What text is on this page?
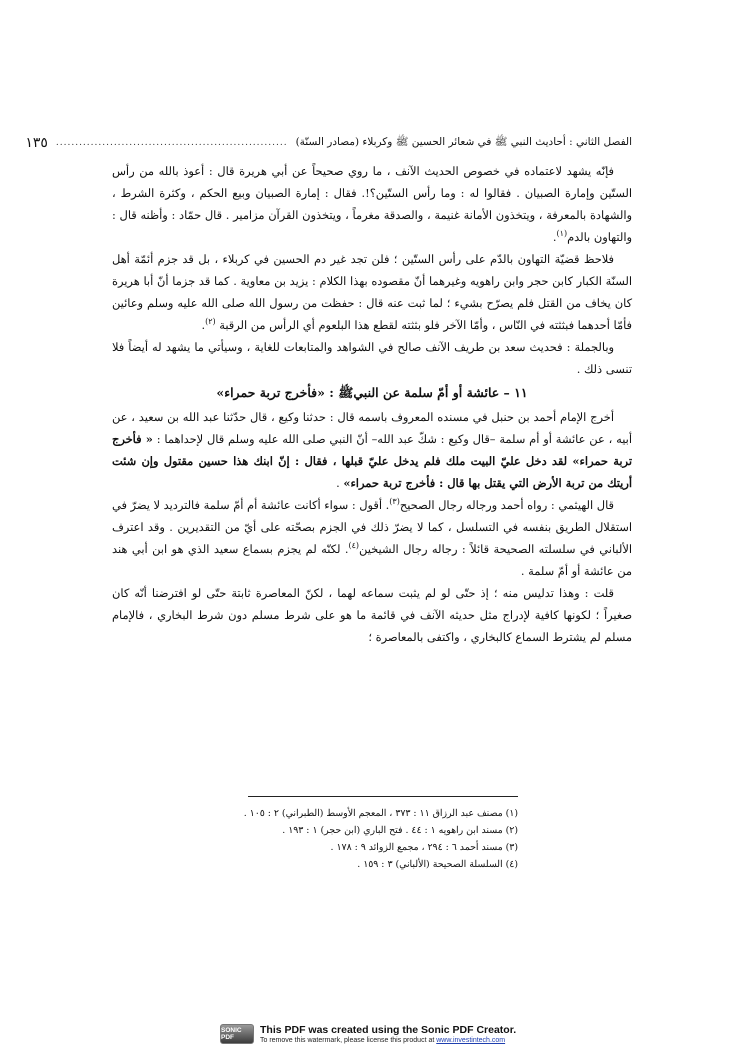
الفصل الثاني : أحاديث النبي ﷺ في شعائر الحسين ﷺ وكربلاء (مصادر السنّة)
............................................................
١٣٥

فإنّه يشهد لاعتماده في خصوص الحديث الآنف ، ما روي صحيحاً عن أبي هريرة قال : أعوذ بالله من رأس الستّين وإمارة الصبيان . فقالوا له : وما رأس الستّين؟!. فقال : إمارة الصبيان وبيع الحكم ، وكثرة الشرط ، والشهادة بالمعرفة ، ويتخذون الأمانة غنيمة ، والصدقة مغرماً ، ويتخذون القرآن مزامير . قال حمّاد : وأظنه قال : والتهاون بالدم$^{(١)}$.

فلاحظ قضيّة التهاون بالدّم على رأس الستّين ؛ فلن تجد غير دم الحسين في كربلاء ، بل قد جزم أئمّة أهل السنّة الكبار كابن حجر وابن راهويه وغيرهما أنّ مقصوده بهذا الكلام : يزيد بن معاوية . كما قد جزما أنّ أبا هريرة كان يخاف من القتل فلم يصرّح بشيء ؛ لما ثبت عنه قال : حفظت من رسول الله صلى الله عليه وسلم وعائين فأمّا أحدهما فبثثته في النّاس ، وأمّا الآخر فلو بثثته لقطع هذا البلعوم أي الرأس من الرقبة $^{(٢)}$.

وبالجملة : فحديث سعد بن طريف الآنف صالح في الشواهد والمتابعات للغاية ، وسيأتي ما يشهد له أيضاً فلا تنسى ذلك .

١١ – عائشة أو أمّ سلمة عن النبيﷺ : «فأخرج تربة حمراء»

أخرج الإمام أحمد بن حنبل في مسنده المعروف باسمه قال : حدثنا وكيع ، قال حدّثنا عبد الله بن سعيد ، عن أبيه ، عن عائشة أو أم سلمة –قال وكيع : شكّ عبد الله– أنّ النبي صلى الله عليه وسلم قال لإحداهما : « فأخرج تربة حمراء» لقد دخل عليّ البيت ملك فلم يدخل عليّ قبلها ، فقال : إنّ ابنك هذا حسين مقتول وإن شئت أريتك من تربة الأرض التي يقتل بها قال : فأخرج تربة حمراء» .

قال الهيثمي : رواه أحمد ورجاله رجال الصحيح$^{(٣)}$. أقول : سواء أكانت عائشة أم أمّ سلمة فالترديد لا يضرّ في استقلال الطريق بنفسه في التسلسل ، كما لا يضرّ ذلك في الجزم بصحّته على أيّ من التقديرين . وقد اعترف الألباني في سلسلته الصحيحة قائلاً : رجاله رجال الشيخين$^{(٤)}$. لكنّه لم يجزم بسماع سعيد الذي هو ابن أبي هند من عائشة أو أمّ سلمة .

قلت : وهذا تدليس منه ؛ إذ حتّى لو لم يثبت سماعه لهما ، لكنّ المعاصرة ثابتة حتّى لو افترضنا أنّه كان صغيراً ؛ لكونها كافية لإدراج مثل حديثه الآنف في قائمة ما هو على شرط مسلم دون شرط البخاري ، فالإمام مسلم لم يشترط السماع كالبخاري ، واكتفى بالمعاصرة ؛

(١) مصنف عبد الرزاق ١١ : ٣٧٣ ، المعجم الأوسط (الطبراني) ٢ : ١٠٥ .
(٢) مسند ابن راهويه ١ : ٤٤ . فتح الباري (ابن حجر) ١ : ١٩٣ .
(٣) مسند أحمد ٦ : ٢٩٤ ، مجمع الزوائد ٩ : ١٧٨ .
(٤) السلسلة الصحيحة (الألباني) ٣ : ١٥٩ .
SONIC PDF
This PDF was created using the Sonic PDF Creator.
To remove this watermark, please license this product at www.investintech.com
